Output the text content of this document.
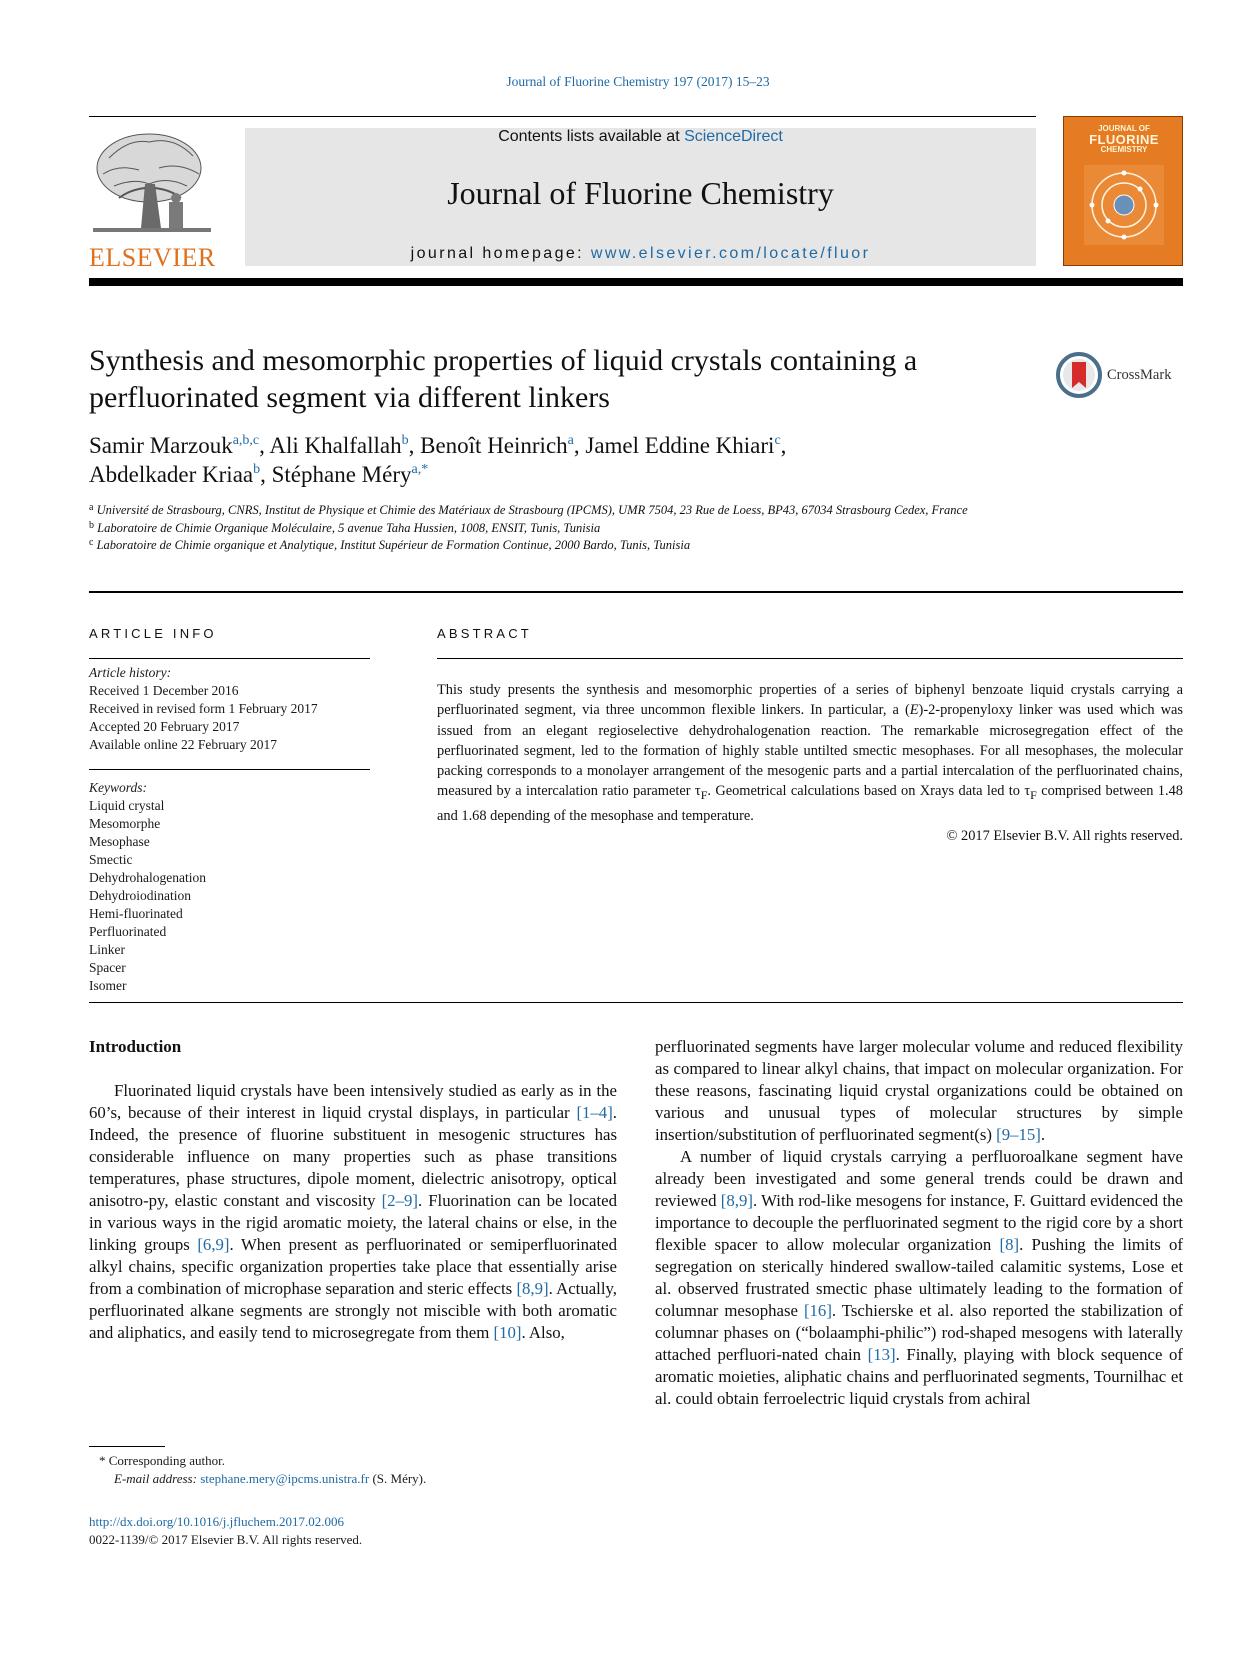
Journal of Fluorine Chemistry 197 (2017) 15–23
ELSEVIER
Contents lists available at ScienceDirect
Journal of Fluorine Chemistry
journal homepage: www.elsevier.com/locate/fluor
JOURNAL OF
FLUORINE
CHEMISTRY
Synthesis and mesomorphic properties of liquid crystals containing a
perfluorinated segment via different linkers
CrossMark
Samir Marzouk$^{a,b,c}$, Ali Khalfallah$^b$, Benoît Heinrich$^a$, Jamel Eddine Khiari$^c$,
Abdelkader Kriaa$^b$, Stéphane Méry$^{a,*}$
$^a$ Université de Strasbourg, CNRS, Institut de Physique et Chimie des Matériaux de Strasbourg (IPCMS), UMR 7504, 23 Rue de Loess, BP43, 67034 Strasbourg Cedex, France
$^b$ Laboratoire de Chimie Organique Moléculaire, 5 avenue Taha Hussien, 1008, ENSIT, Tunis, Tunisia
$^c$ Laboratoire de Chimie organique et Analytique, Institut Supérieur de Formation Continue, 2000 Bardo, Tunis, Tunisia
ARTICLE INFO
Article history:
Received 1 December 2016
Received in revised form 1 February 2017
Accepted 20 February 2017
Available online 22 February 2017
Keywords:
Liquid crystal
Mesomorphe
Mesophase
Smectic
Dehydrohalogenation
Dehydroiodination
Hemi-fluorinated
Perfluorinated
Linker
Spacer
Isomer
ABSTRACT

This study presents the synthesis and mesomorphic properties of a series of biphenyl benzoate liquid crystals carrying a perfluorinated segment, via three uncommon flexible linkers. In particular, a (E)-2-propenyloxy linker was used which was issued from an elegant regioselective dehydrohalogenation reaction. The remarkable microsegregation effect of the perfluorinated segment, led to the formation of highly stable untilted smectic mesophases. For all mesophases, the molecular packing corresponds to a monolayer arrangement of the mesogenic parts and a partial intercalation of the perfluorinated chains, measured by a intercalation ratio parameter $\tau_F$. Geometrical calculations based on Xrays data led to $\tau_F$ comprised between 1.48 and 1.68 depending of the mesophase and temperature.

© 2017 Elsevier B.V. All rights reserved.

Introduction

Fluorinated liquid crystals have been intensively studied as early as in the 60’s, because of their interest in liquid crystal displays, in particular [1–4]. Indeed, the presence of fluorine substituent in mesogenic structures has considerable influence on many properties such as phase transitions temperatures, phase structures, dipole moment, dielectric anisotropy, optical anisotro-py, elastic constant and viscosity [2–9]. Fluorination can be located in various ways in the rigid aromatic moiety, the lateral chains or else, in the linking groups [6,9]. When present as perfluorinated or semiperfluorinated alkyl chains, specific organization properties take place that essentially arise from a combination of microphase separation and steric effects [8,9]. Actually, perfluorinated alkane segments are strongly not miscible with both aromatic and aliphatics, and easily tend to microsegregate from them [10]. Also,

perfluorinated segments have larger molecular volume and reduced flexibility as compared to linear alkyl chains, that impact on molecular organization. For these reasons, fascinating liquid crystal organizations could be obtained on various and unusual types of molecular structures by simple insertion/substitution of perfluorinated segment(s) [9–15].

A number of liquid crystals carrying a perfluoroalkane segment have already been investigated and some general trends could be drawn and reviewed [8,9]. With rod-like mesogens for instance, F. Guittard evidenced the importance to decouple the perfluorinated segment to the rigid core by a short flexible spacer to allow molecular organization [8]. Pushing the limits of segregation on sterically hindered swallow-tailed calamitic systems, Lose et al. observed frustrated smectic phase ultimately leading to the formation of columnar mesophase [16]. Tschierske et al. also reported the stabilization of columnar phases on (“bolaamphi-philic”) rod-shaped mesogens with laterally attached perfluori-nated chain [13]. Finally, playing with block sequence of aromatic moieties, aliphatic chains and perfluorinated segments, Tournilhac et al. could obtain ferroelectric liquid crystals from achiral

* Corresponding author.
E-mail address: stephane.mery@ipcms.unistra.fr (S. Méry).
http://dx.doi.org/10.1016/j.jfluchem.2017.02.006
0022-1139/© 2017 Elsevier B.V. All rights reserved.
